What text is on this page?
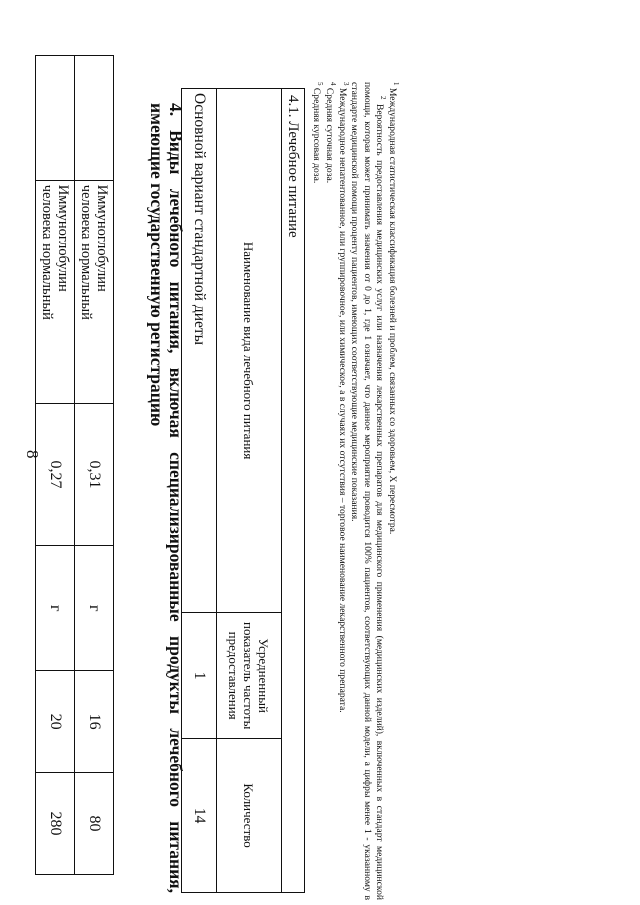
8

	Иммуноглобулин
человека нормальный	0,31	г	16	80

	Иммуноглобулин
человека нормальный	0,27	г	20	280
4.Виды лечебного питания, включая специализированные продукты лечебного питания, имеющие государственную регистрацию	4.1. Лечебное питание		
Наименование вида лечебного питания	Усредненный показатель частоты предоставления	Количество
Основной вариант стандартной диеты	1	14

$^1$ Международная статистическая классификация болезней и проблем, связанных со здоровьем, X пересмотра.

$^2$ Вероятность предоставления медицинских услуг или назначения лекарственных препаратов для медицинского применения (медицинских изделий), включенных в стандарт медицинской помощи, которая может принимать значения от 0 до 1, где 1 означает, что данное мероприятие проводится 100% пациентов, соответствующих данной модели, а цифры менее 1 - указанному в стандарте медицинской помощи проценту пациентов, имеющих соответствующие медицинские показания.

$^3$ Международное непатентованное, или группировочное, или химическое, а в случаях их отсутствия – торговое наименование лекарственного препарата.

$^4$ Средняя суточная доза.

$^5$ Средняя курсовая доза.
